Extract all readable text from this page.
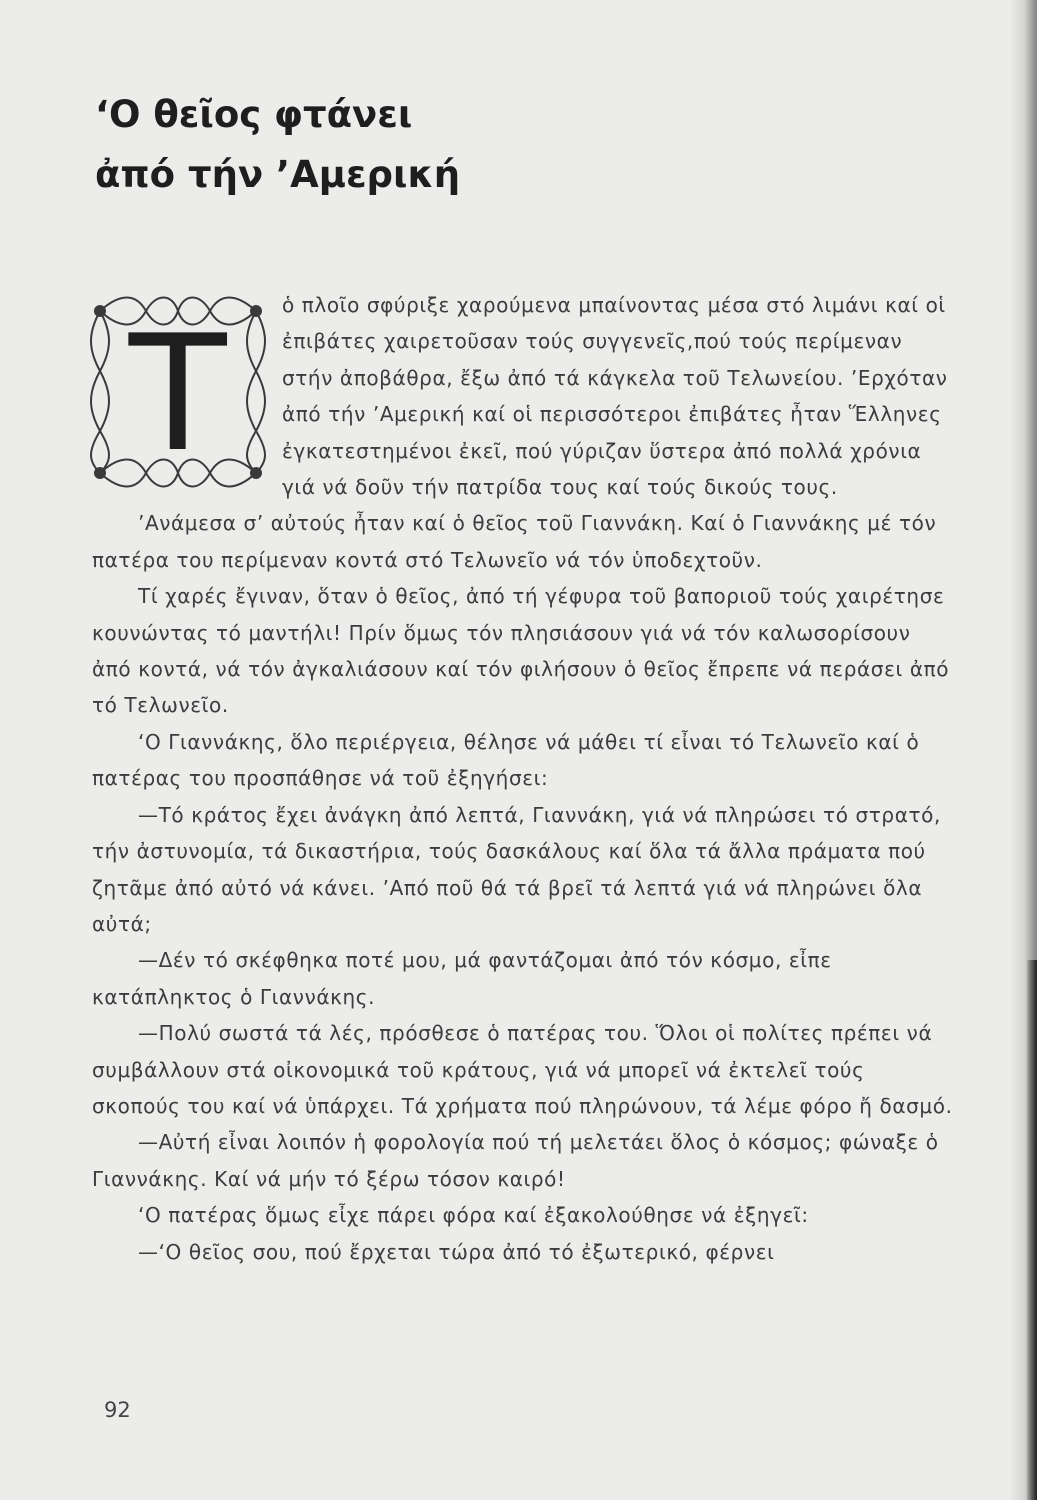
‘Ο θεῖος φτάνει
ἀπό τήν ’Αμερική
T	ὁ πλοῖο σφύριξε χαρούμενα μπαίνοντας μέσα στό λιμάνι καί οἱ ἐπιβάτες χαιρετοῦσαν τούς συγγενεῖς,πού τούς περίμεναν στήν ἀποβάθρα, ἔξω ἀπό τά κάγκελα τοῦ Τελωνείου. ’Ερχόταν ἀπό τήν ’Αμερική καί οἱ περισσότεροι ἐπιβάτες ἦταν Ἕλληνες ἐγκατεστημένοι ἐκεῖ, πού γύριζαν ὕστερα ἀπό πολλά χρόνια γιά νά δοῦν τήν πατρίδα τους καί τούς δικούς τους.

’Ανάμεσα σ’ αὐτούς ἦταν καί ὁ θεῖος τοῦ Γιαννάκη. Καί ὁ Γιαννάκης μέ τόν πατέρα του περίμεναν κοντά στό Τελωνεῖο νά τόν ὑποδεχτοῦν.

Τί χαρές ἔγιναν, ὅταν ὁ θεῖος, ἀπό τή γέφυρα τοῦ βαποριοῦ τούς χαιρέτησε κουνώντας τό μαντήλι! Πρίν ὅμως τόν πλησιάσουν γιά νά τόν καλωσορίσουν ἀπό κοντά, νά τόν ἀγκαλιάσουν καί τόν φιλήσουν ὁ θεῖος ἔπρεπε νά περάσει ἀπό τό Τελωνεῖο.

‘Ο Γιαννάκης, ὅλο περιέργεια, θέλησε νά μάθει τί εἶναι τό Τελωνεῖο καί ὁ πατέρας του προσπάθησε νά τοῦ ἐξηγήσει:

—Τό κράτος ἔχει ἀνάγκη ἀπό λεπτά, Γιαννάκη, γιά νά πληρώσει τό στρατό, τήν ἀστυνομία, τά δικαστήρια, τούς δασκάλους καί ὅλα τά ἄλλα πράματα πού ζητᾶμε ἀπό αὐτό νά κάνει. ’Από ποῦ θά τά βρεῖ τά λεπτά γιά νά πληρώνει ὅλα αὐτά;

—Δέν τό σκέφθηκα ποτέ μου, μά φαντάζομαι ἀπό τόν κόσμο, εἶπε κατάπληκτος ὁ Γιαννάκης.

—Πολύ σωστά τά λές, πρόσθεσε ὁ πατέρας του. Ὅλοι οἱ πολίτες πρέπει νά συμβάλλουν στά οἰκονομικά τοῦ κράτους, γιά νά μπορεῖ νά ἐκτελεῖ τούς σκοπούς του καί νά ὑπάρχει. Τά χρήματα πού πληρώνουν, τά λέμε φόρο ἤ δασμό.

—Αὐτή εἶναι λοιπόν ἡ φορολογία πού τή μελετάει ὅλος ὁ κόσμος; φώναξε ὁ Γιαννάκης. Καί νά μήν τό ξέρω τόσον καιρό!

‘Ο πατέρας ὅμως εἶχε πάρει φόρα καί ἐξακολούθησε νά ἐξηγεῖ:

—‘Ο θεῖος σου, πού ἔρχεται τώρα ἀπό τό ἐξωτερικό, φέρνει

92
